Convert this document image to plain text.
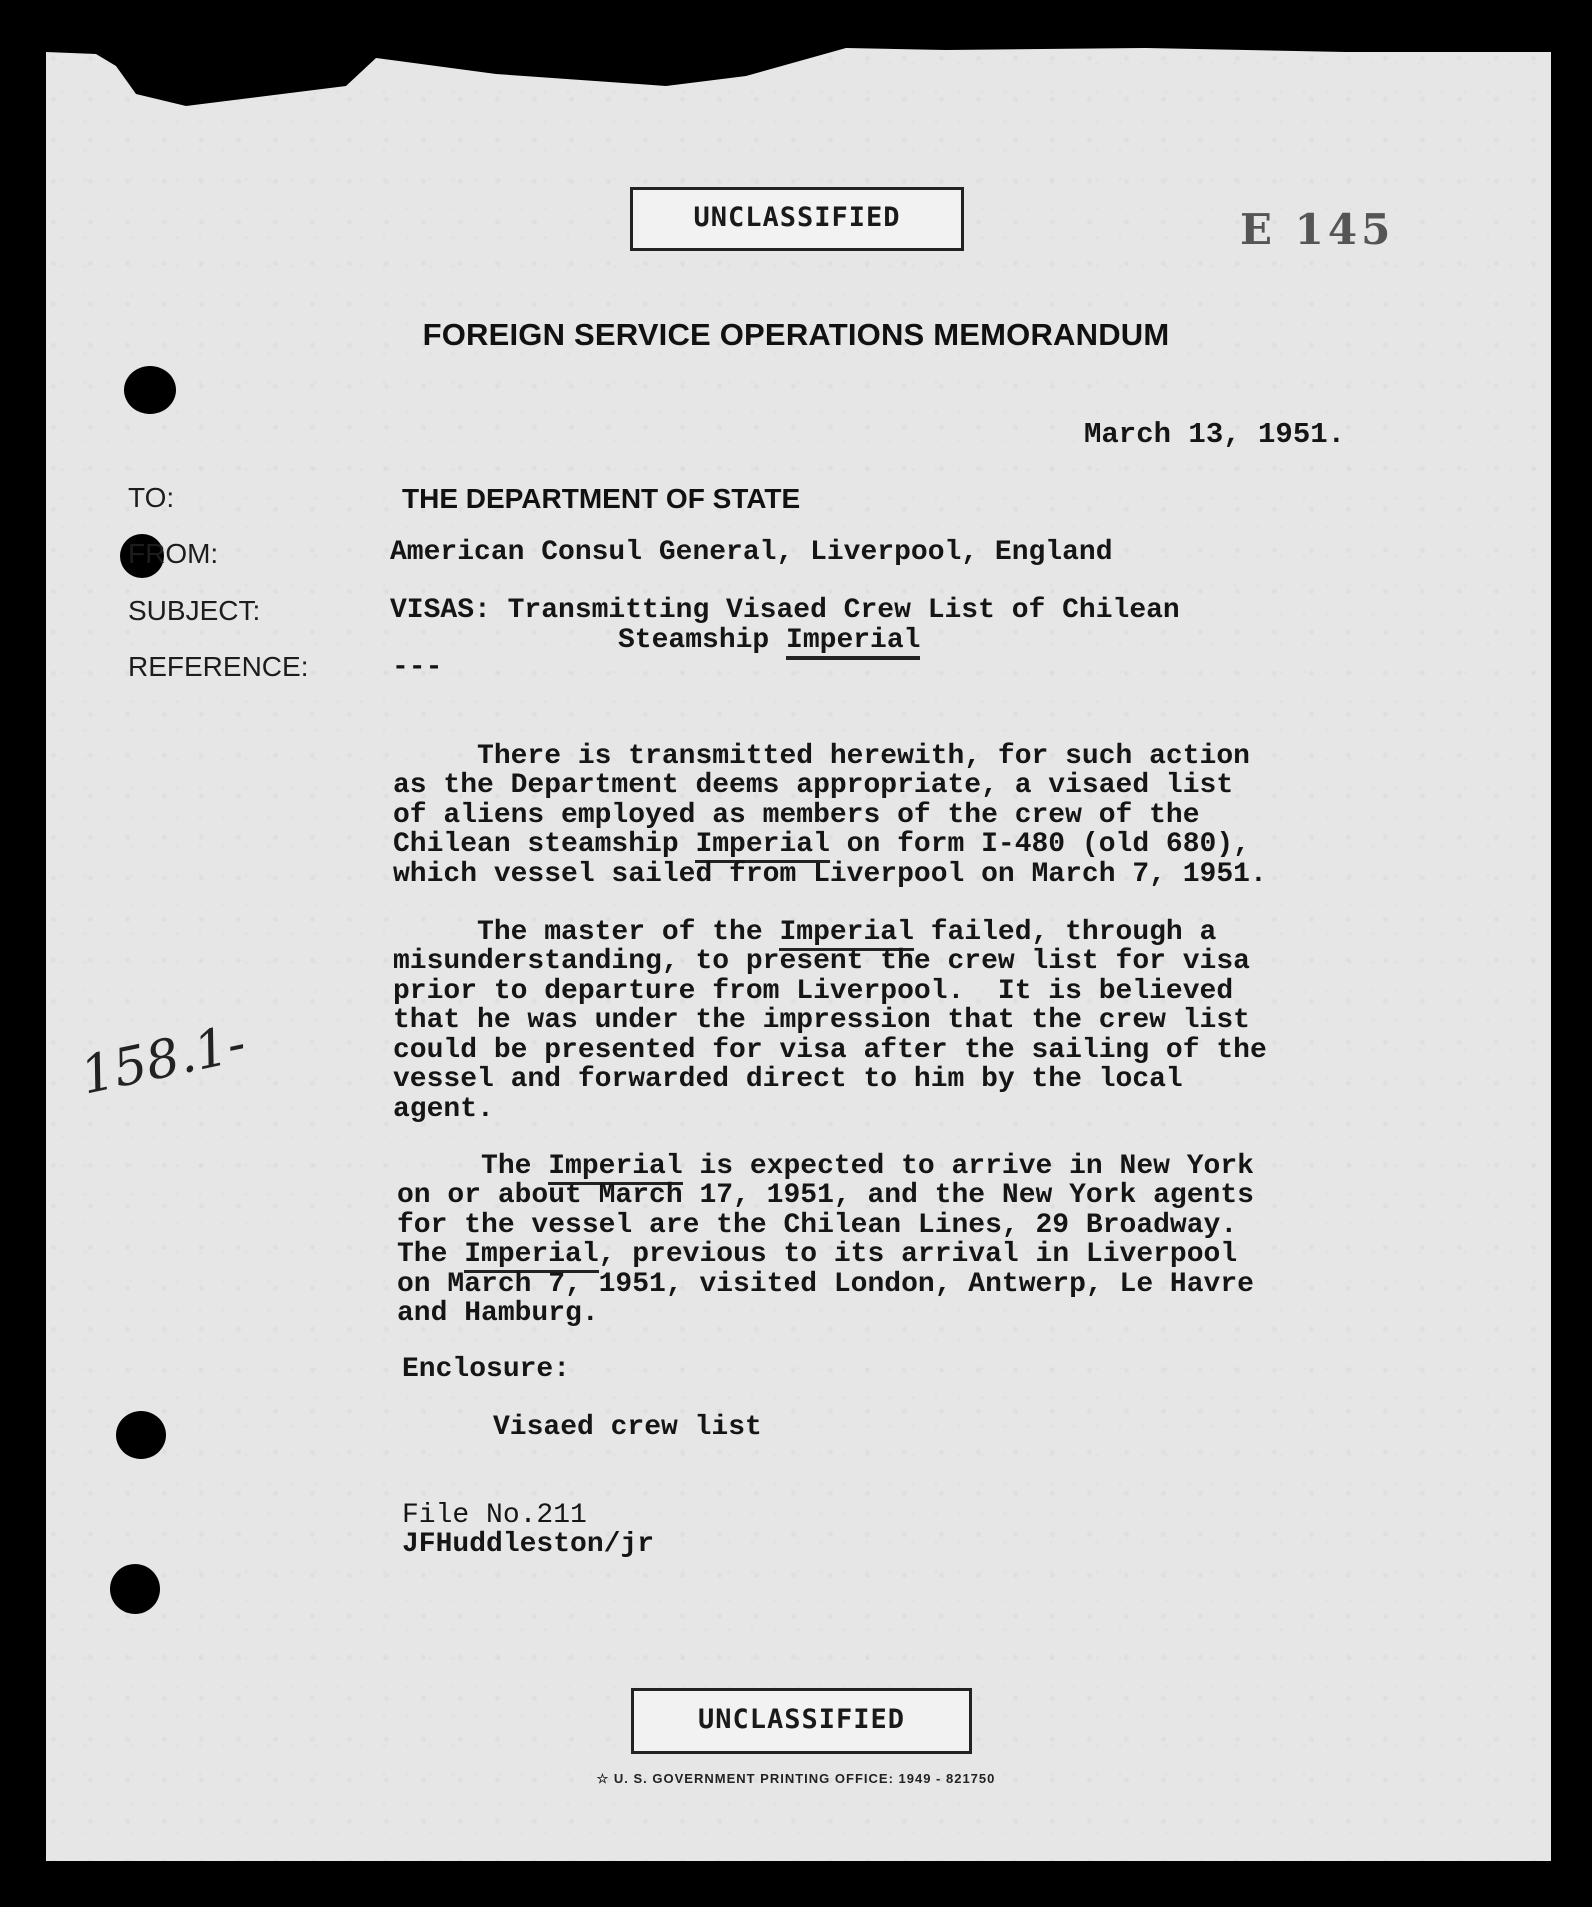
UNCLASSIFIED	E 145
FOREIGN SERVICE OPERATIONS MEMORANDUM
March 13, 1951.
TO:	THE DEPARTMENT OF STATE
FROM:	American Consul General, Liverpool, England
SUBJECT:	VISAS: Transmitting Visaed Crew List of Chilean
Steamship Imperial
REFERENCE:	---

There is transmitted herewith, for such action
as the Department deems appropriate, a visaed list
of aliens employed as members of the crew of the
Chilean steamship Imperial on form I-480 (old 680),
which vessel sailed from Liverpool on March 7, 1951.

The master of the Imperial failed, through a
misunderstanding, to present the crew list for visa
prior to departure from Liverpool.  It is believed
that he was under the impression that the crew list
could be presented for visa after the sailing of the
vessel and forwarded direct to him by the local
agent.

The Imperial is expected to arrive in New York
on or about March 17, 1951, and the New York agents
for the vessel are the Chilean Lines, 29 Broadway.
The Imperial, previous to its arrival in Liverpool
on March 7, 1951, visited London, Antwerp, Le Havre
and Hamburg.

Enclosure:
Visaed crew list
File No.211
JFHuddleston/jr
158.1-
UNCLASSIFIED
☆ U. S. GOVERNMENT PRINTING OFFICE: 1949 - 821750
